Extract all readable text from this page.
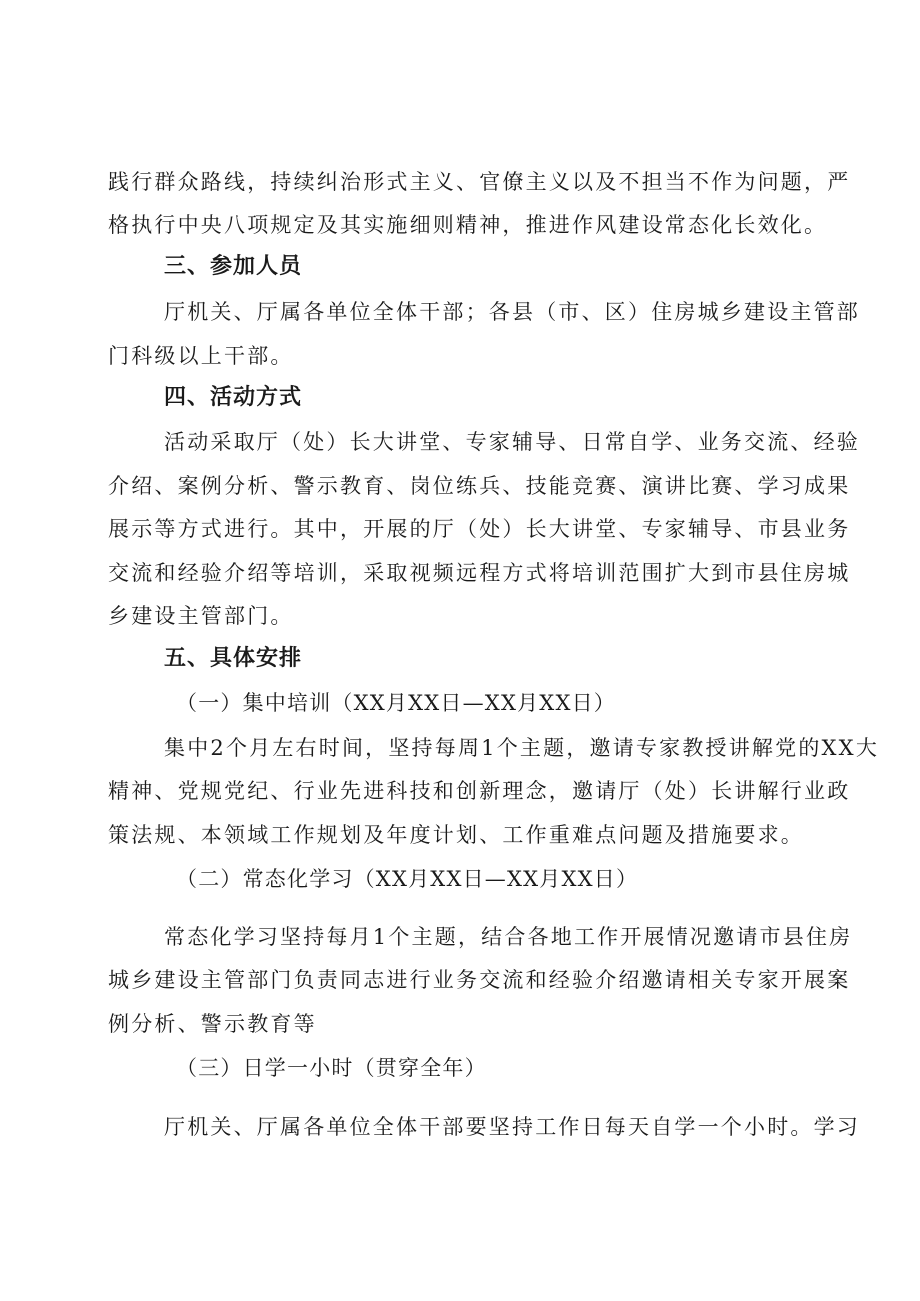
践行群众路线，持续纠治形式主义、官僚主义以及不担当不作为问题，严
格执行中央八项规定及其实施细则精神，推进作风建设常态化长效化。
三、参加人员
厅机关、厅属各单位全体干部；各县（市、区）住房城乡建设主管部
门科级以上干部。
四、活动方式
活动采取厅（处）长大讲堂、专家辅导、日常自学、业务交流、经验
介绍、案例分析、警示教育、岗位练兵、技能竞赛、演讲比赛、学习成果
展示等方式进行。其中，开展的厅（处）长大讲堂、专家辅导、市县业务
交流和经验介绍等培训，采取视频远程方式将培训范围扩大到市县住房城
乡建设主管部门。
五、具体安排
（一）集中培训（XX月XX日—XX月XX日）
集中2个月左右时间，坚持每周1个主题，邀请专家教授讲解党的XX大
精神、党规党纪、行业先进科技和创新理念，邀请厅（处）长讲解行业政
策法规、本领域工作规划及年度计划、工作重难点问题及措施要求。
（二）常态化学习（XX月XX日—XX月XX日）
常态化学习坚持每月1个主题，结合各地工作开展情况邀请市县住房
城乡建设主管部门负责同志进行业务交流和经验介绍邀请相关专家开展案
例分析、警示教育等
（三）日学一小时（贯穿全年）
厅机关、厅属各单位全体干部要坚持工作日每天自学一个小时。学习
